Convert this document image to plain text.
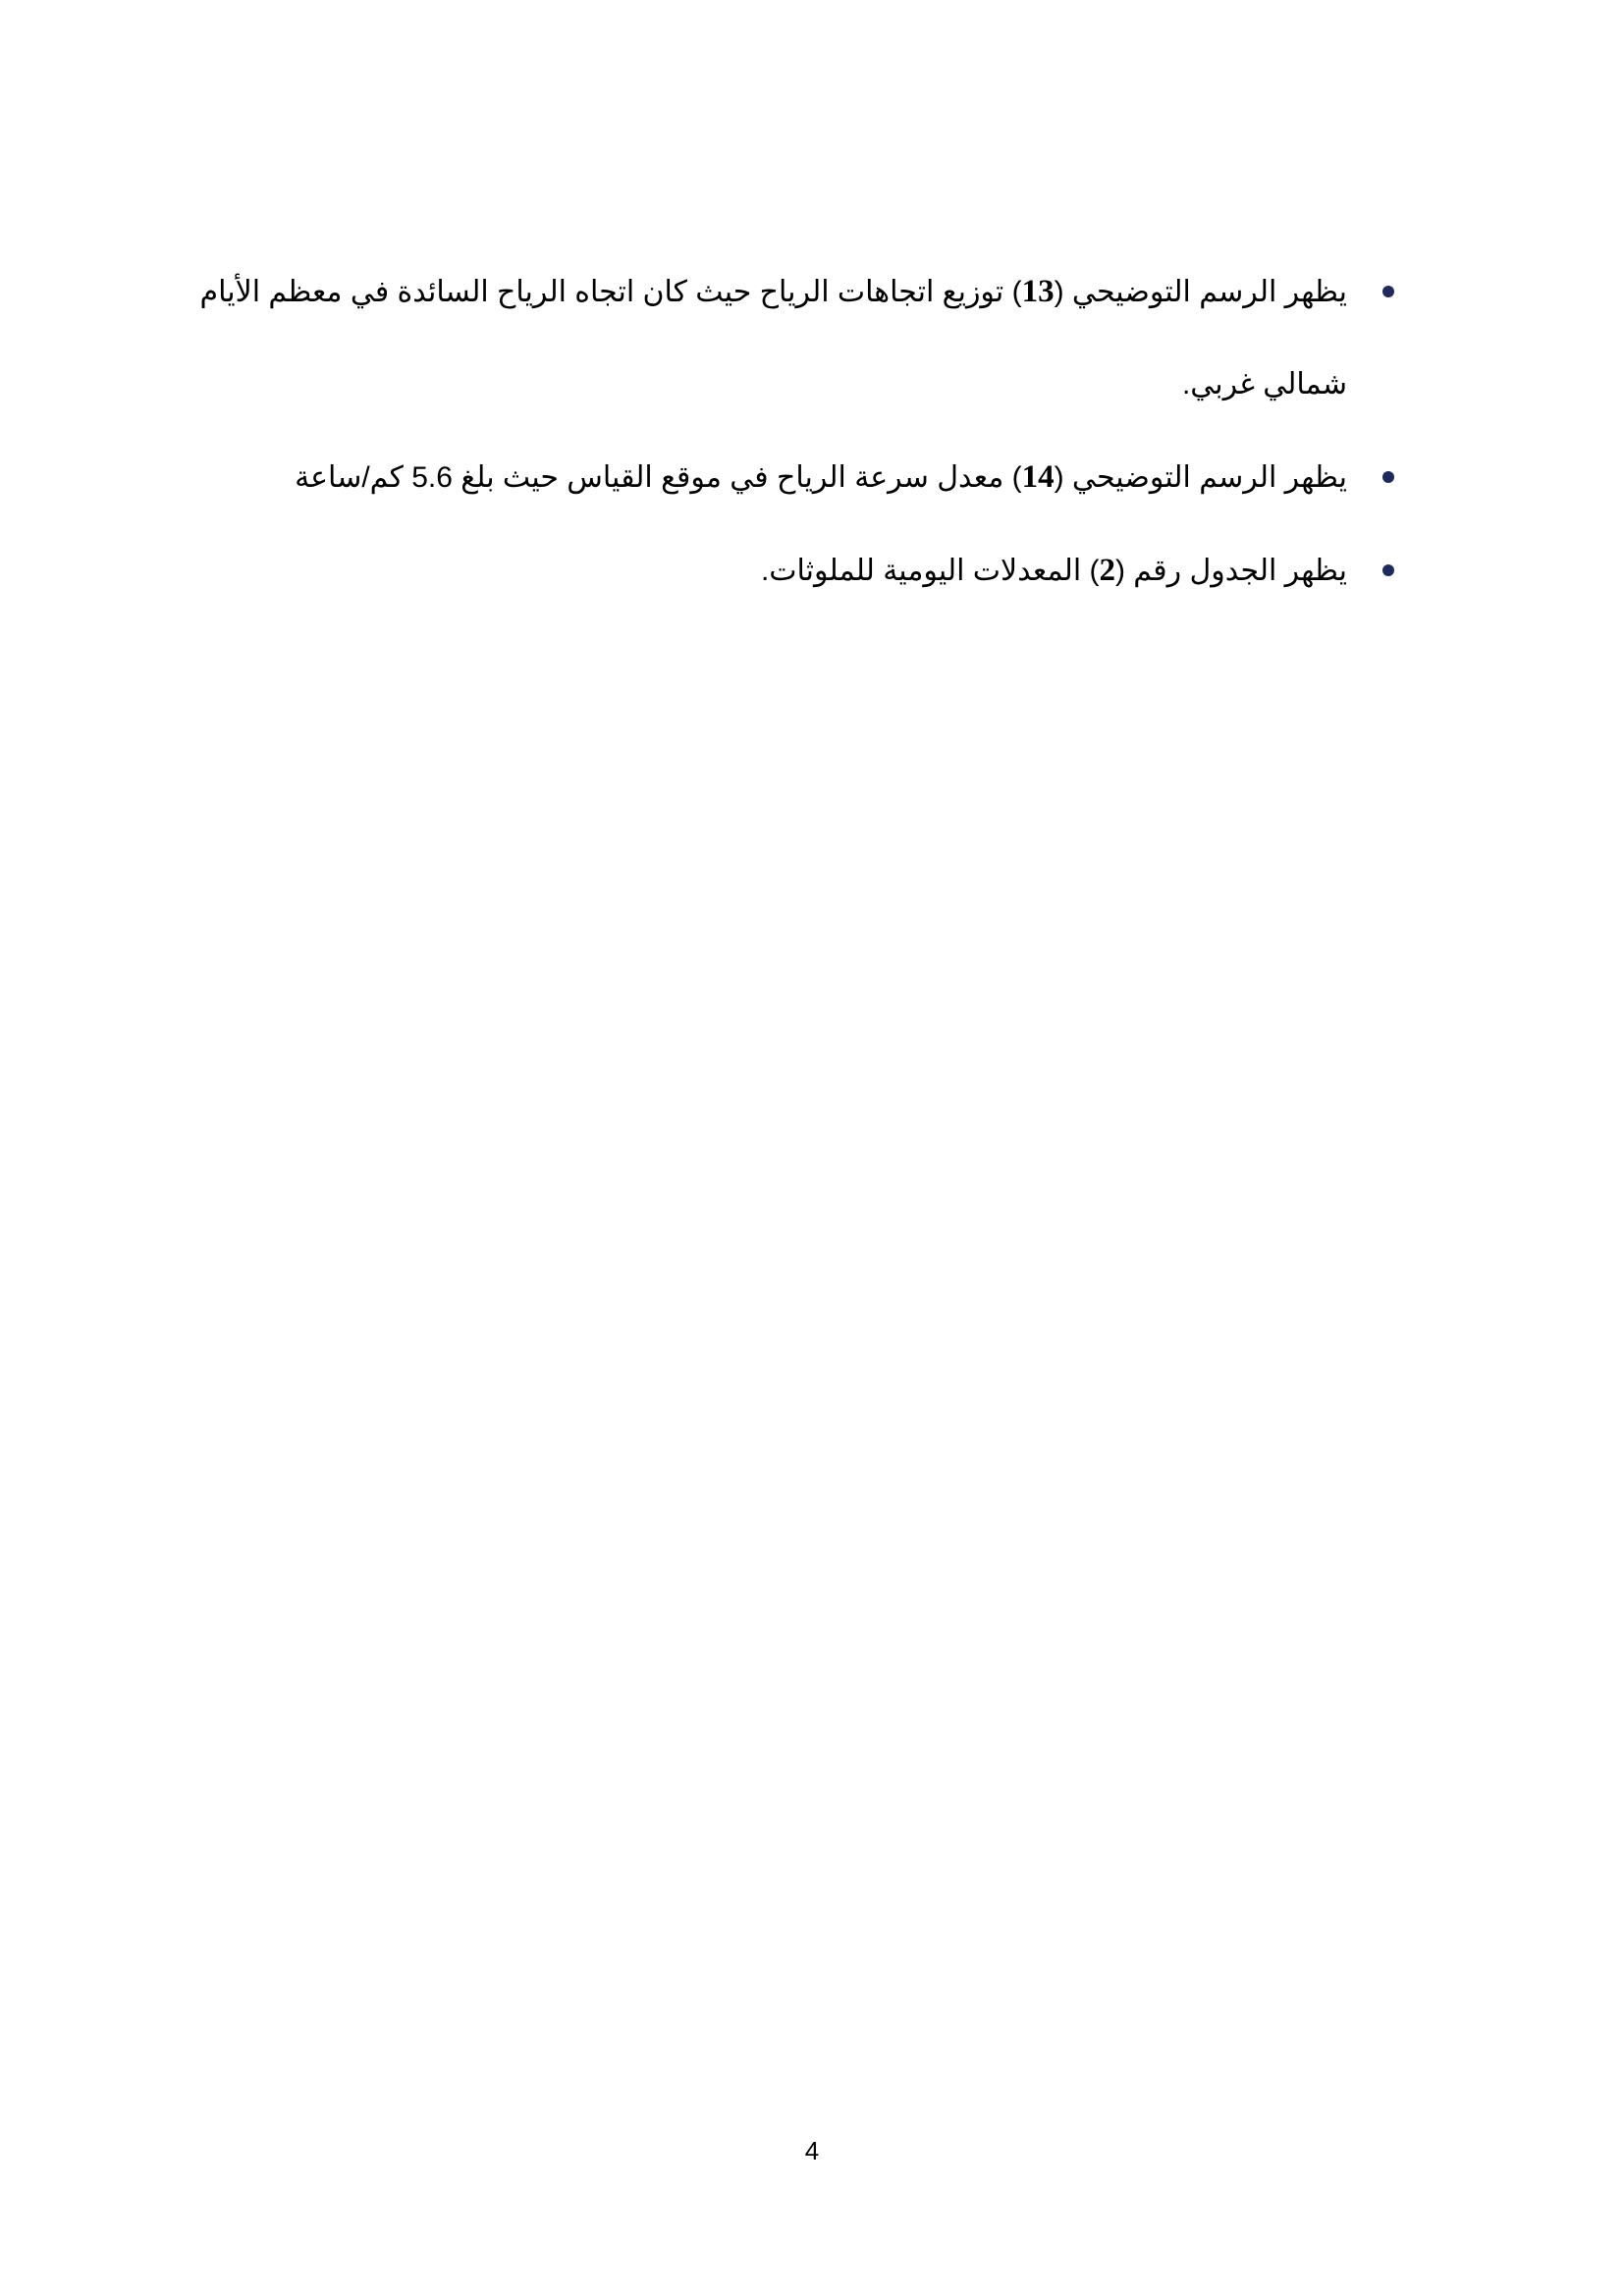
يظهر الرسم التوضيحي (13) توزيع اتجاهات الرياح حيث كان اتجاه الرياح السائدة في معظم الأيام
شمالي غربي.
يظهر الرسم التوضيحي (14) معدل سرعة الرياح في موقع القياس حيث بلغ 5.6 كم/ساعة
يظهر الجدول رقم (2) المعدلات اليومية للملوثات.
4
